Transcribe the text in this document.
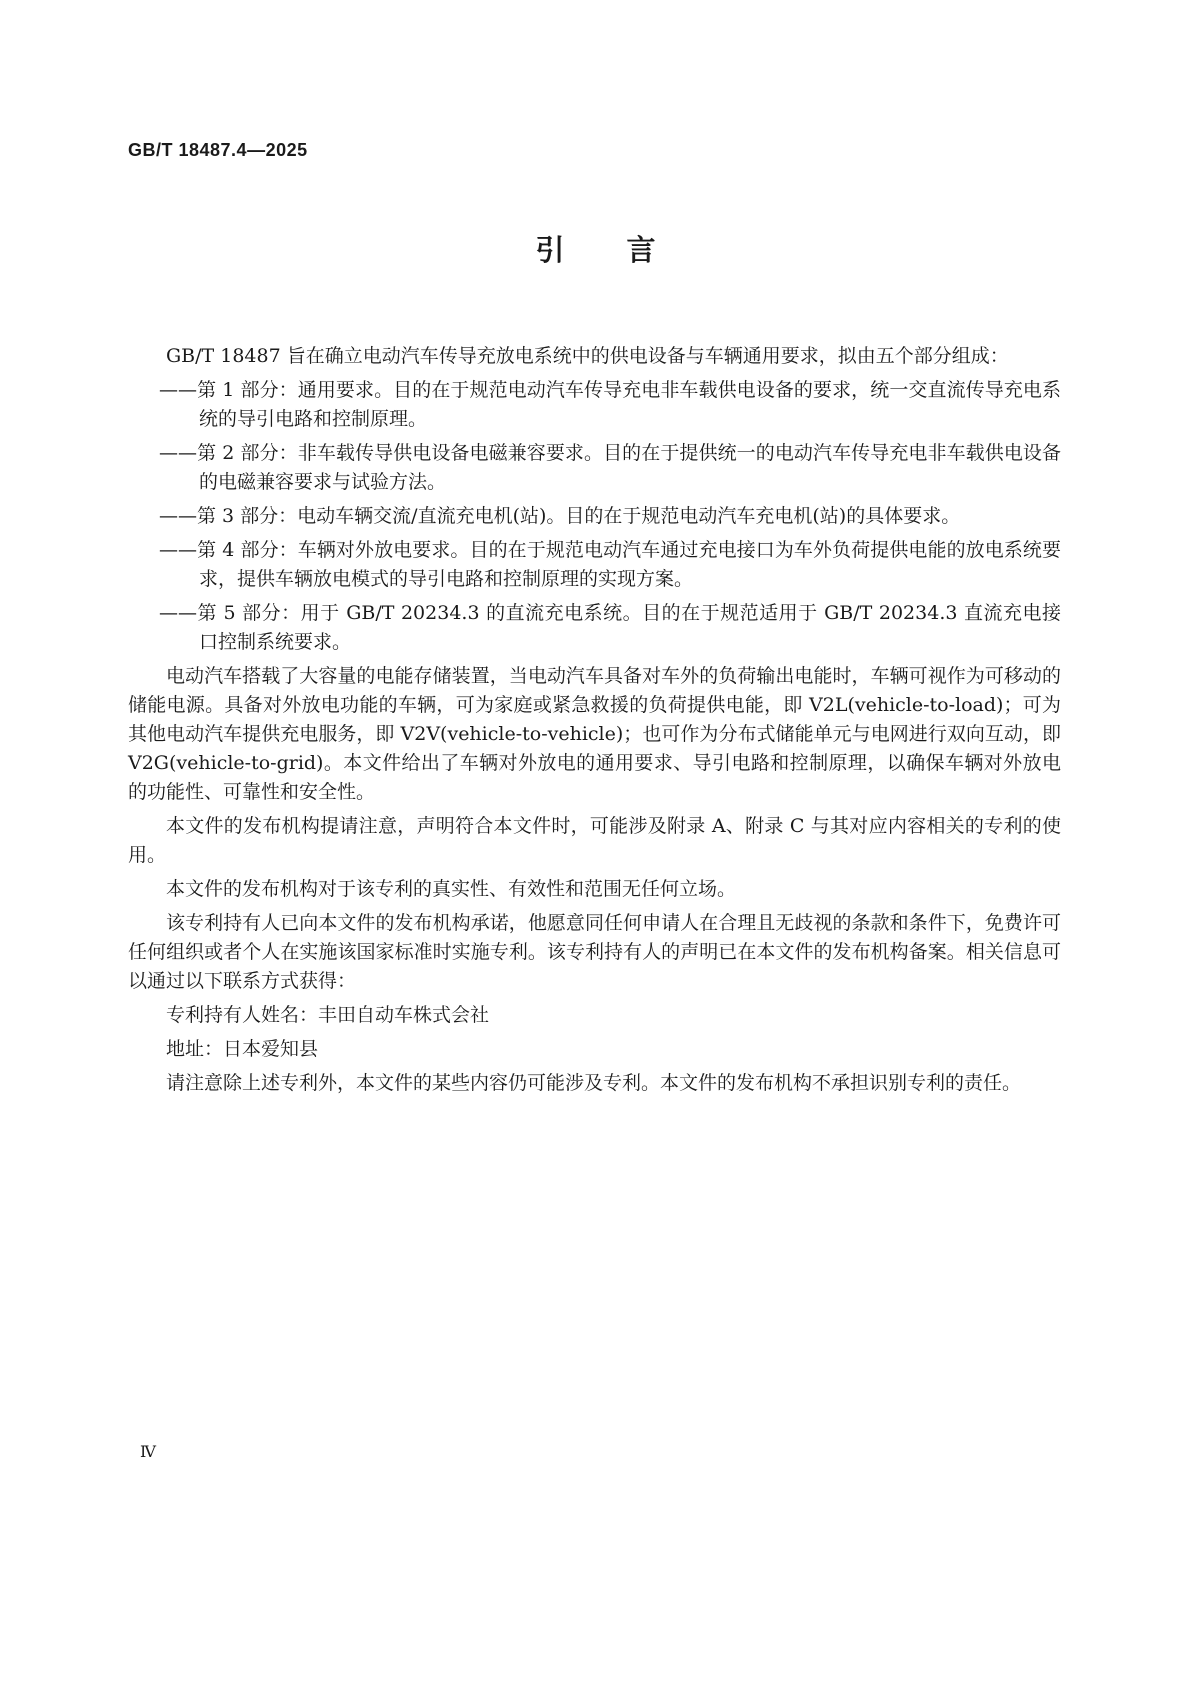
GB/T 18487.4—2025
引言

GB/T 18487 旨在确立电动汽车传导充放电系统中的供电设备与车辆通用要求，拟由五个部分组成：

——第 1 部分：通用要求。目的在于规范电动汽车传导充电非车载供电设备的要求，统一交直流传导充电系统的导引电路和控制原理。

——第 2 部分：非车载传导供电设备电磁兼容要求。目的在于提供统一的电动汽车传导充电非车载供电设备的电磁兼容要求与试验方法。

——第 3 部分：电动车辆交流/直流充电机(站)。目的在于规范电动汽车充电机(站)的具体要求。

——第 4 部分：车辆对外放电要求。目的在于规范电动汽车通过充电接口为车外负荷提供电能的放电系统要求，提供车辆放电模式的导引电路和控制原理的实现方案。

——第 5 部分：用于 GB/T 20234.3 的直流充电系统。目的在于规范适用于 GB/T 20234.3 直流充电接口控制系统要求。

电动汽车搭载了大容量的电能存储装置，当电动汽车具备对车外的负荷输出电能时，车辆可视作为可移动的储能电源。具备对外放电功能的车辆，可为家庭或紧急救援的负荷提供电能，即 V2L(vehicle-to-load)；可为其他电动汽车提供充电服务，即 V2V(vehicle-to-vehicle)；也可作为分布式储能单元与电网进行双向互动，即 V2G(vehicle-to-grid)。本文件给出了车辆对外放电的通用要求、导引电路和控制原理，以确保车辆对外放电的功能性、可靠性和安全性。

本文件的发布机构提请注意，声明符合本文件时，可能涉及附录 A、附录 C 与其对应内容相关的专利的使用。

本文件的发布机构对于该专利的真实性、有效性和范围无任何立场。

该专利持有人已向本文件的发布机构承诺，他愿意同任何申请人在合理且无歧视的条款和条件下，免费许可任何组织或者个人在实施该国家标准时实施专利。该专利持有人的声明已在本文件的发布机构备案。相关信息可以通过以下联系方式获得：

专利持有人姓名：丰田自动车株式会社

地址：日本爱知县

请注意除上述专利外，本文件的某些内容仍可能涉及专利。本文件的发布机构不承担识别专利的责任。

Ⅳ
